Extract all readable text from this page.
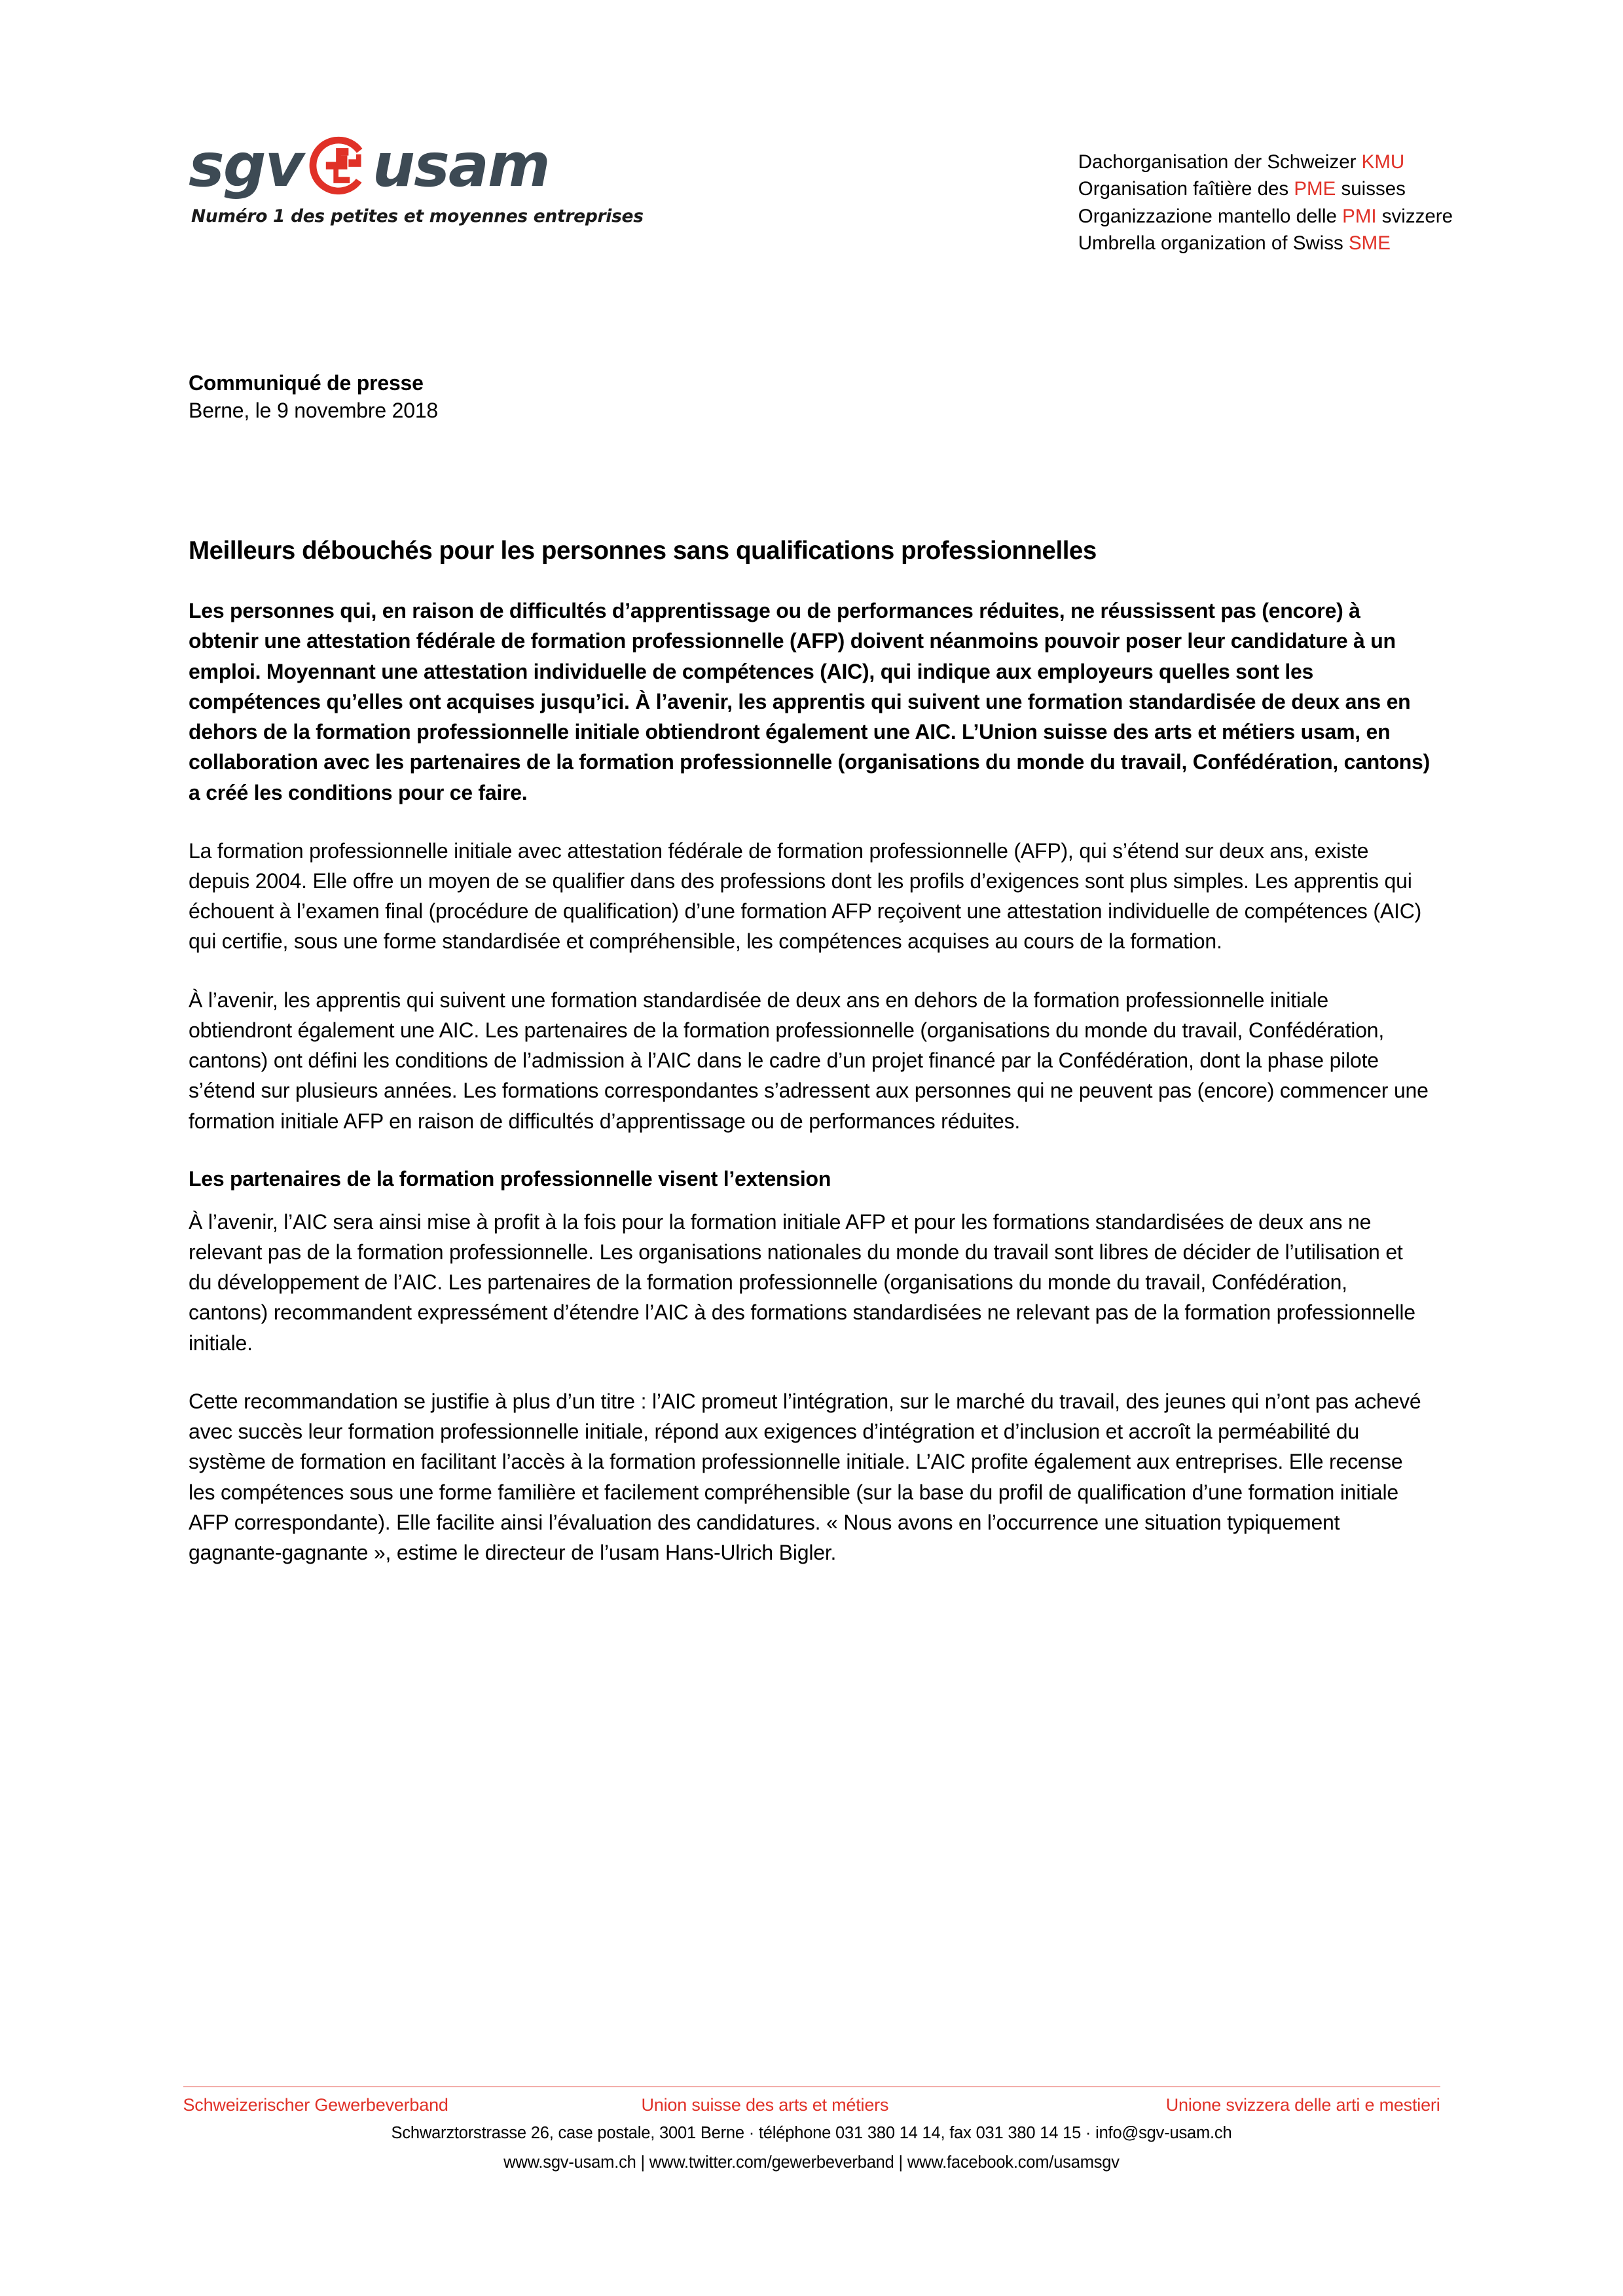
sgv usam
Numéro 1 des petites et moyennes entreprises
Dachorganisation der Schweizer KMU
Organisation faîtière des PME suisses
Organizzazione mantello delle PMI svizzere
Umbrella organization of Swiss SME
Communiqué de presse
Berne, le 9 novembre 2018
Meilleurs débouchés pour les personnes sans qualifications professionnelles

Les personnes qui, en raison de difficultés d’apprentissage ou de performances réduites, ne réussissent pas (encore) à obtenir une attestation fédérale de formation professionnelle (AFP) doivent néanmoins pouvoir poser leur candidature à un emploi. Moyennant une attestation individuelle de compétences (AIC), qui indique aux employeurs quelles sont les compétences qu’elles ont acquises jusqu’ici. À l’avenir, les apprentis qui suivent une formation standardisée de deux ans en dehors de la formation professionnelle initiale obtiendront également une AIC. L’Union suisse des arts et métiers usam, en collaboration avec les partenaires de la formation professionnelle (organisations du monde du travail, Confédération, cantons) a créé les conditions pour ce faire.

La formation professionnelle initiale avec attestation fédérale de formation professionnelle (AFP), qui s’étend sur deux ans, existe depuis 2004. Elle offre un moyen de se qualifier dans des professions dont les profils d’exigences sont plus simples. Les apprentis qui échouent à l’examen final (procédure de qualification) d’une formation AFP reçoivent une attestation individuelle de compétences (AIC) qui certifie, sous une forme standardisée et compréhensible, les compétences acquises au cours de la formation.

À l’avenir, les apprentis qui suivent une formation standardisée de deux ans en dehors de la formation professionnelle initiale obtiendront également une AIC. Les partenaires de la formation professionnelle (organisations du monde du travail, Confédération, cantons) ont défini les conditions de l’admission à l’AIC dans le cadre d’un projet financé par la Confédération, dont la phase pilote s’étend sur plusieurs années. Les formations correspondantes s’adressent aux personnes qui ne peuvent pas (encore) commencer une formation initiale AFP en raison de difficultés d’apprentissage ou de performances réduites.

Les partenaires de la formation professionnelle visent l’extension

À l’avenir, l’AIC sera ainsi mise à profit à la fois pour la formation initiale AFP et pour les formations standardisées de deux ans ne relevant pas de la formation professionnelle. Les organisations nationales du monde du travail sont libres de décider de l’utilisation et du développement de l’AIC. Les partenaires de la formation professionnelle (organisations du monde du travail, Confédération, cantons) recommandent expressément d’étendre l’AIC à des formations standardisées ne relevant pas de la formation professionnelle initiale.

Cette recommandation se justifie à plus d’un titre : l’AIC promeut l’intégration, sur le marché du travail, des jeunes qui n’ont pas achevé avec succès leur formation professionnelle initiale, répond aux exigences d’intégration et d’inclusion et accroît la perméabilité du système de formation en facilitant l’accès à la formation professionnelle initiale. L’AIC profite également aux entreprises. Elle recense les compétences sous une forme familière et facilement compréhensible (sur la base du profil de qualification d’une formation initiale AFP correspondante). Elle facilite ainsi l’évaluation des candidatures. « Nous avons en l’occurrence une situation typiquement gagnante-gagnante », estime le directeur de l’usam Hans-Ulrich Bigler.

Schweizerischer Gewerbeverband	Union suisse des arts et métiers	Unione svizzera delle arti e mestieri
Schwarztorstrasse 26, case postale, 3001 Berne · téléphone 031 380 14 14, fax 031 380 14 15 · info@sgv-usam.ch
www.sgv-usam.ch | www.twitter.com/gewerbeverband | www.facebook.com/usamsgv
